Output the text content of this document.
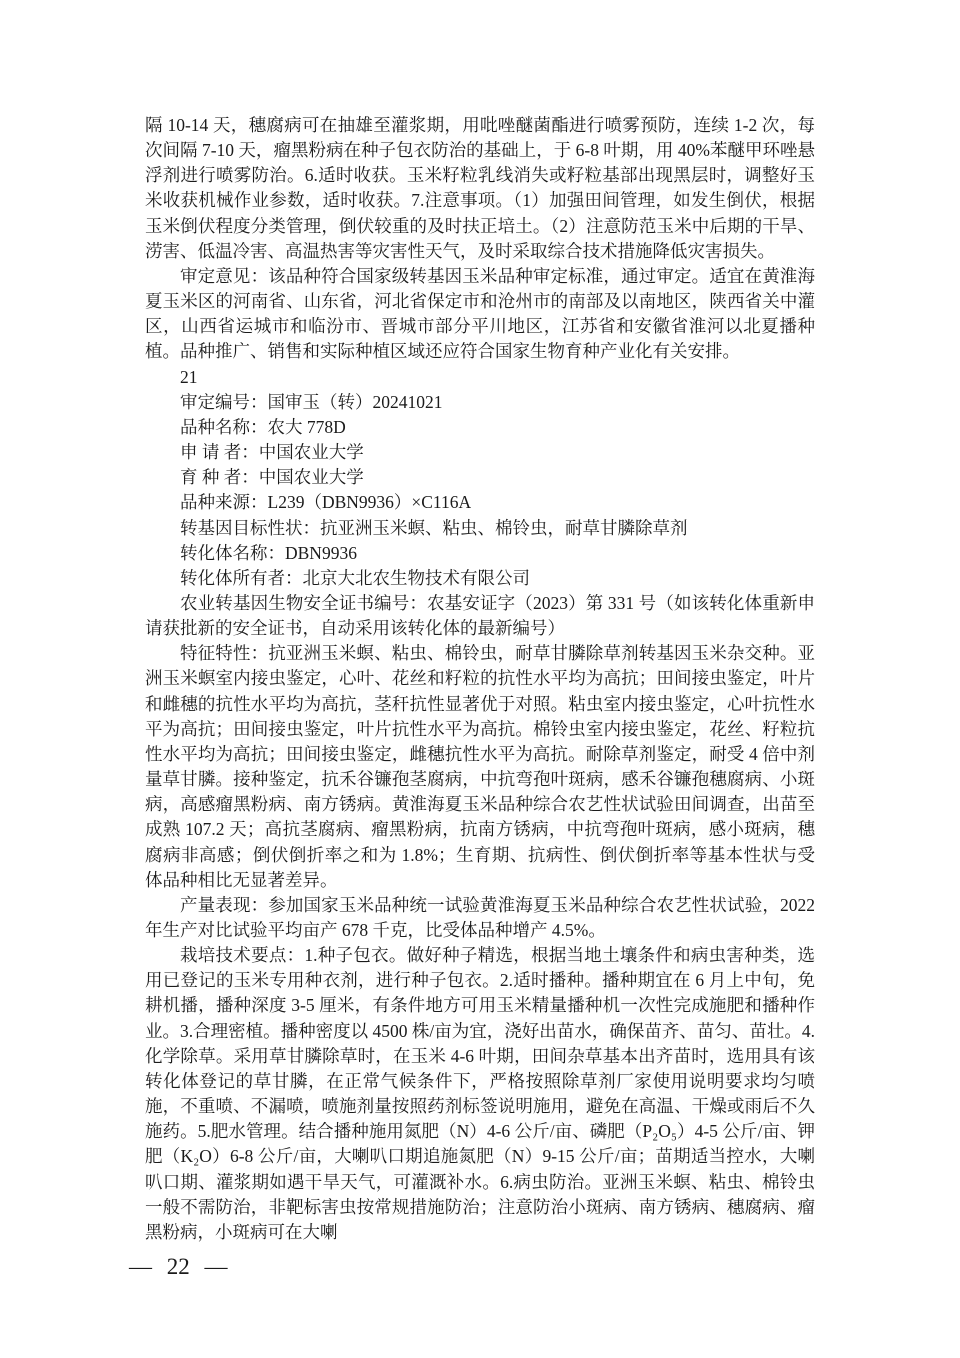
隔 10-14 天，穗腐病可在抽雄至灌浆期，用吡唑醚菌酯进行喷雾预防，连续 1-2 次，每次间隔 7-10 天，瘤黑粉病在种子包衣防治的基础上，于 6-8 叶期，用 40%苯醚甲环唑悬浮剂进行喷雾防治。6.适时收获。玉米籽粒乳线消失或籽粒基部出现黑层时，调整好玉米收获机械作业参数，适时收获。7.注意事项。（1）加强田间管理，如发生倒伏，根据玉米倒伏程度分类管理，倒伏较重的及时扶正培土。（2）注意防范玉米中后期的干旱、涝害、低温冷害、高温热害等灾害性天气，及时采取综合技术措施降低灾害损失。

审定意见：该品种符合国家级转基因玉米品种审定标准，通过审定。适宜在黄淮海夏玉米区的河南省、山东省，河北省保定市和沧州市的南部及以南地区，陕西省关中灌区，山西省运城市和临汾市、晋城市部分平川地区，江苏省和安徽省淮河以北夏播种植。品种推广、销售和实际种植区域还应符合国家生物育种产业化有关安排。

21

审定编号：国审玉（转）20241021

品种名称：农大 778D

申 请 者：中国农业大学

育 种 者：中国农业大学

品种来源：L239（DBN9936）×C116A

转基因目标性状：抗亚洲玉米螟、粘虫、棉铃虫，耐草甘膦除草剂

转化体名称：DBN9936

转化体所有者：北京大北农生物技术有限公司

农业转基因生物安全证书编号：农基安证字（2023）第 331 号（如该转化体重新申请获批新的安全证书，自动采用该转化体的最新编号）

特征特性：抗亚洲玉米螟、粘虫、棉铃虫，耐草甘膦除草剂转基因玉米杂交种。亚洲玉米螟室内接虫鉴定，心叶、花丝和籽粒的抗性水平均为高抗；田间接虫鉴定，叶片和雌穗的抗性水平均为高抗，茎秆抗性显著优于对照。粘虫室内接虫鉴定，心叶抗性水平为高抗；田间接虫鉴定，叶片抗性水平为高抗。棉铃虫室内接虫鉴定，花丝、籽粒抗性水平均为高抗；田间接虫鉴定，雌穗抗性水平为高抗。耐除草剂鉴定，耐受 4 倍中剂量草甘膦。接种鉴定，抗禾谷镰孢茎腐病，中抗弯孢叶斑病，感禾谷镰孢穗腐病、小斑病，高感瘤黑粉病、南方锈病。黄淮海夏玉米品种综合农艺性状试验田间调查，出苗至成熟 107.2 天；高抗茎腐病、瘤黑粉病，抗南方锈病，中抗弯孢叶斑病，感小斑病，穗腐病非高感；倒伏倒折率之和为 1.8%；生育期、抗病性、倒伏倒折率等基本性状与受体品种相比无显著差异。

产量表现：参加国家玉米品种统一试验黄淮海夏玉米品种综合农艺性状试验，2022 年生产对比试验平均亩产 678 千克，比受体品种增产 4.5%。

栽培技术要点：1.种子包衣。做好种子精选，根据当地土壤条件和病虫害种类，选用已登记的玉米专用种衣剂，进行种子包衣。2.适时播种。播种期宜在 6 月上中旬，免耕机播，播种深度 3-5 厘米，有条件地方可用玉米精量播种机一次性完成施肥和播种作业。3.合理密植。播种密度以 4500 株/亩为宜，浇好出苗水，确保苗齐、苗匀、苗壮。4.化学除草。采用草甘膦除草时，在玉米 4-6 叶期，田间杂草基本出齐苗时，选用具有该转化体登记的草甘膦，在正常气候条件下，严格按照除草剂厂家使用说明要求均匀喷施，不重喷、不漏喷，喷施剂量按照药剂标签说明施用，避免在高温、干燥或雨后不久施药。5.肥水管理。结合播种施用氮肥（N）4-6 公斤/亩、磷肥（P₂O₅）4-5 公斤/亩、钾肥（K₂O）6-8 公斤/亩，大喇叭口期追施氮肥（N）9-15 公斤/亩；苗期适当控水，大喇叭口期、灌浆期如遇干旱天气，可灌溉补水。6.病虫防治。亚洲玉米螟、粘虫、棉铃虫一般不需防治，非靶标害虫按常规措施防治；注意防治小斑病、南方锈病、穗腐病、瘤黑粉病，小斑病可在大喇

— 22 —
